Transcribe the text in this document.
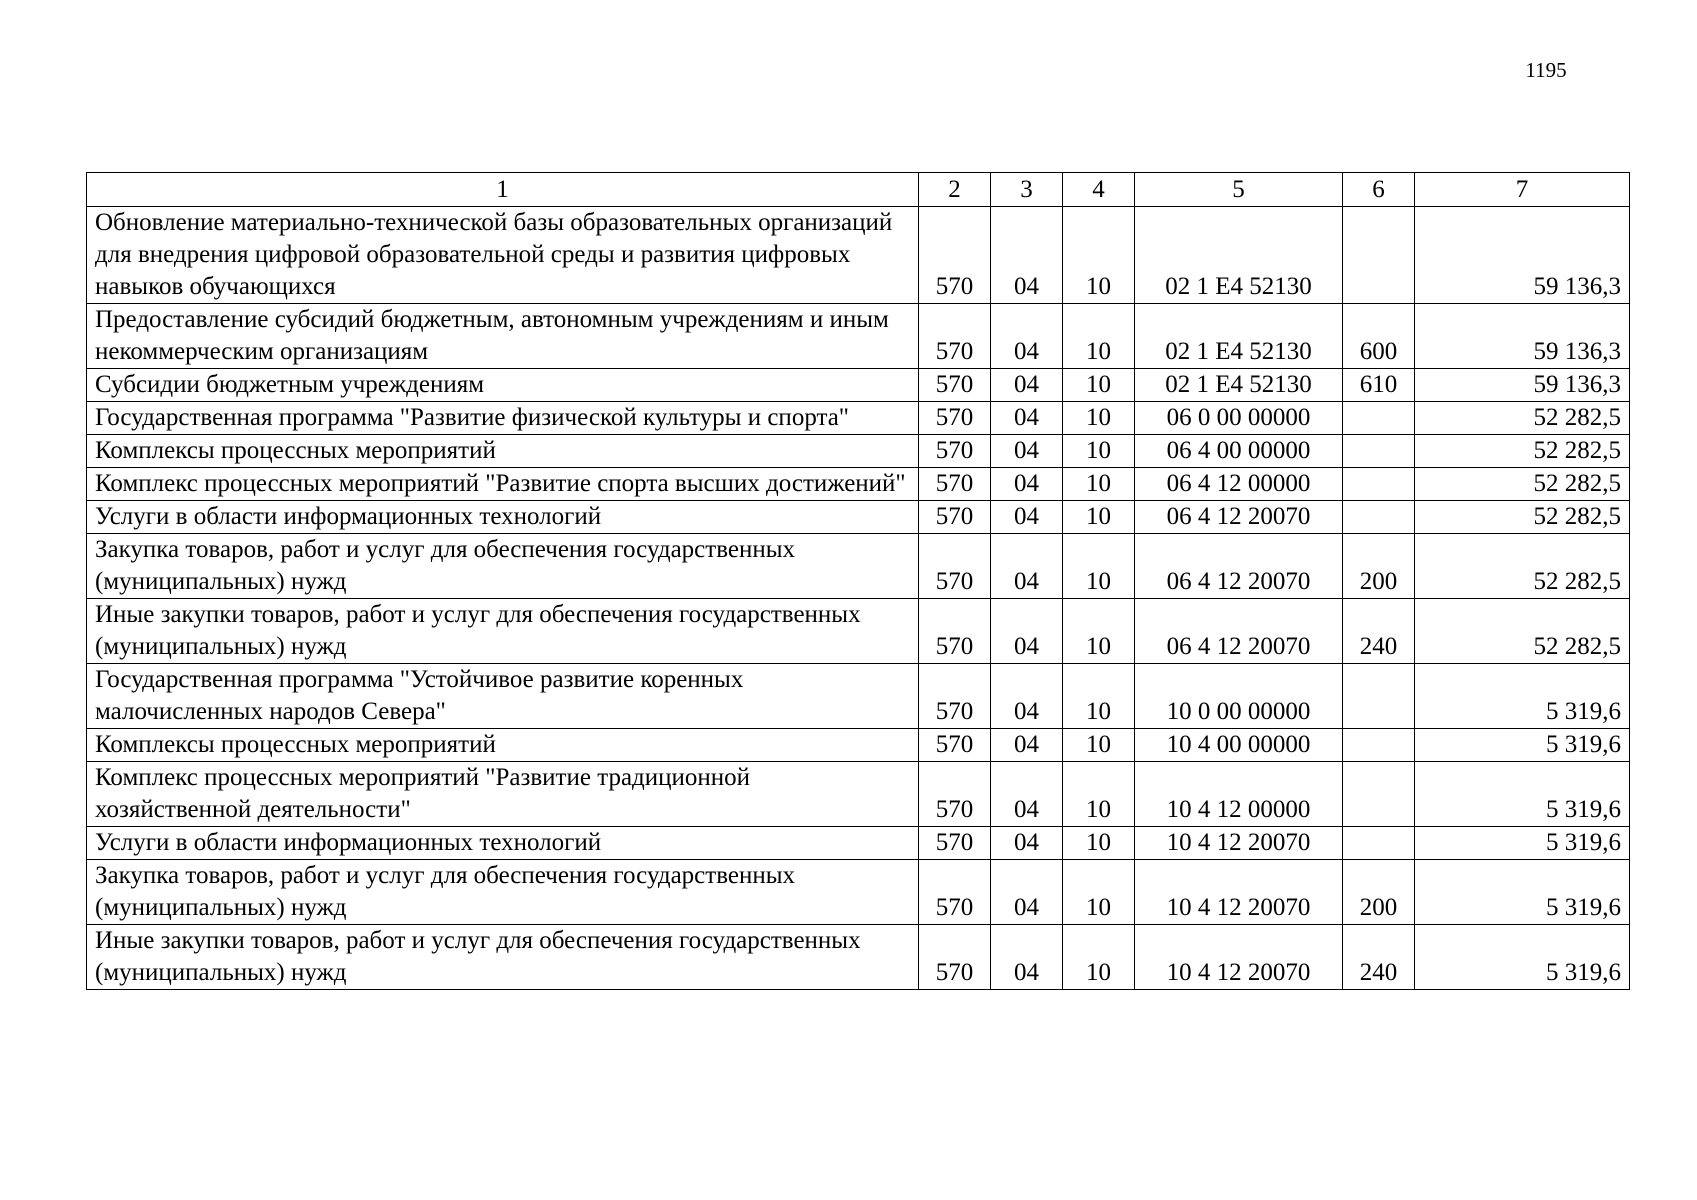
1195
1	2	3	4	5	6	7
Обновление материально-технической базы образовательных организаций для внедрения цифровой образовательной среды и развития цифровых навыков обучающихся	570	04	10	02 1 Е4 52130		59 136,3
Предоставление субсидий бюджетным, автономным учреждениям и иным некоммерческим организациям	570	04	10	02 1 Е4 52130	600	59 136,3
Субсидии бюджетным учреждениям	570	04	10	02 1 Е4 52130	610	59 136,3
Государственная программа "Развитие физической культуры и спорта"	570	04	10	06 0 00 00000		52 282,5
Комплексы процессных мероприятий	570	04	10	06 4 00 00000		52 282,5
Комплекс процессных мероприятий "Развитие спорта высших достижений"	570	04	10	06 4 12 00000		52 282,5
Услуги в области информационных технологий	570	04	10	06 4 12 20070		52 282,5
Закупка товаров, работ и услуг для обеспечения государственных (муниципальных) нужд	570	04	10	06 4 12 20070	200	52 282,5
Иные закупки товаров, работ и услуг для обеспечения государственных (муниципальных) нужд	570	04	10	06 4 12 20070	240	52 282,5
Государственная программа "Устойчивое развитие коренных малочисленных народов Севера"	570	04	10	10 0 00 00000		5 319,6
Комплексы процессных мероприятий	570	04	10	10 4 00 00000		5 319,6
Комплекс процессных мероприятий "Развитие традиционной хозяйственной деятельности"	570	04	10	10 4 12 00000		5 319,6
Услуги в области информационных технологий	570	04	10	10 4 12 20070		5 319,6
Закупка товаров, работ и услуг для обеспечения государственных (муниципальных) нужд	570	04	10	10 4 12 20070	200	5 319,6
Иные закупки товаров, работ и услуг для обеспечения государственных (муниципальных) нужд	570	04	10	10 4 12 20070	240	5 319,6
